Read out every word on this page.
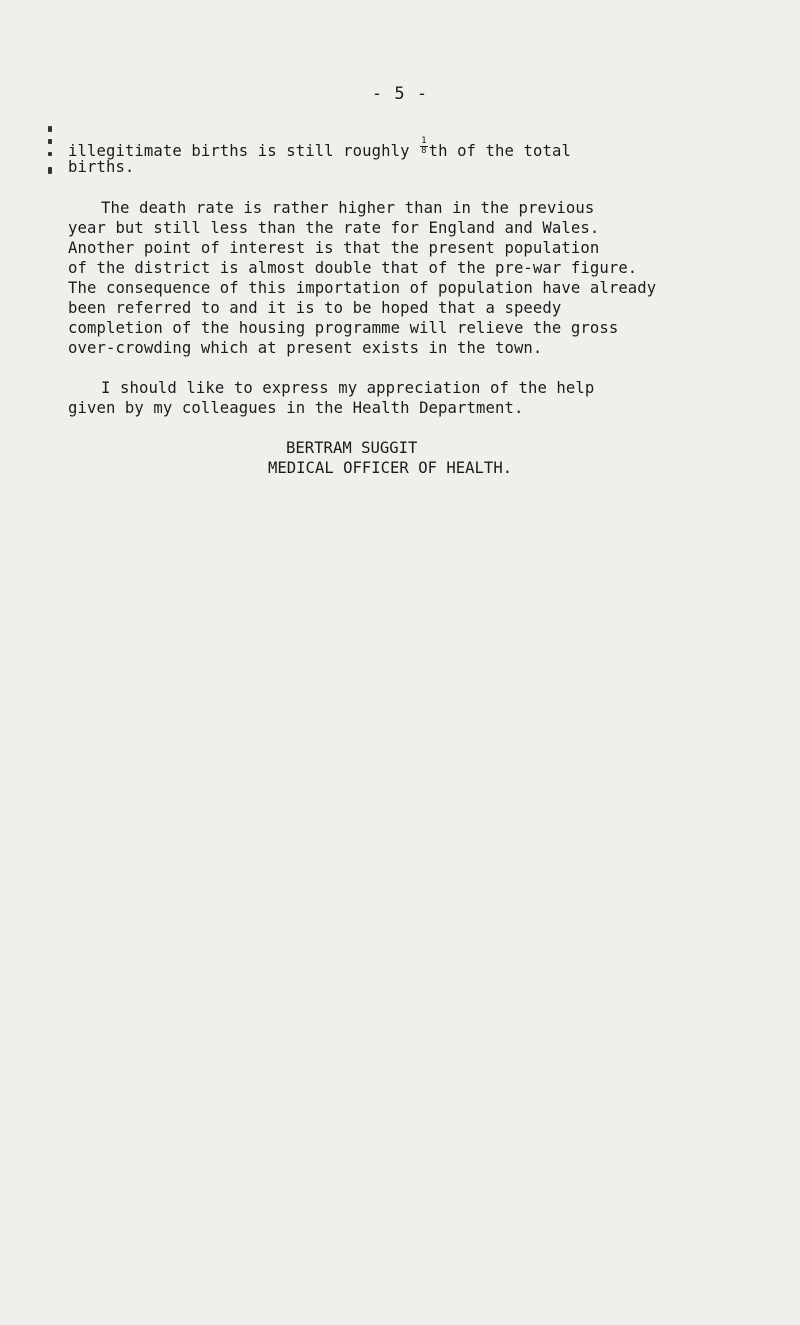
- 5 -

illegitimate births is still roughly $\frac{1}{8}$ th of the total

births.

The death rate is rather higher than in the previous

year but still less than the rate for England and Wales.

Another point of interest is that the present population

of the district is almost double that of the pre-war figure.

The consequence of this importation of population have already

been referred to and it is to be hoped that a speedy

completion of the housing programme will relieve the gross

over-crowding which at present exists in the town.

I should like to express my appreciation of the help

given by my colleagues in the Health Department.

BERTRAM SUGGIT
MEDICAL OFFICER OF HEALTH.
